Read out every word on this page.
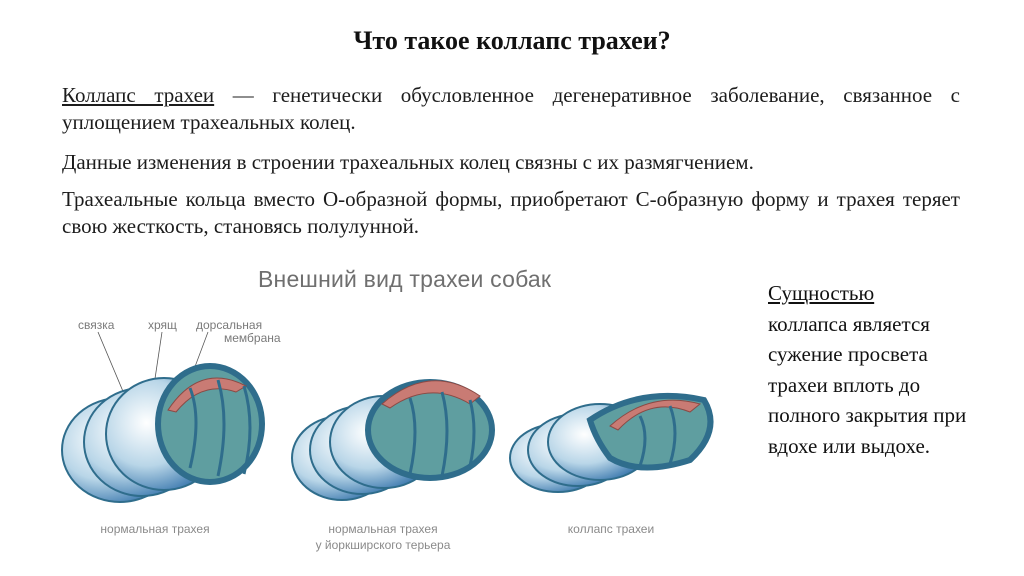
Что такое коллапс трахеи?
Коллапс трахеи — генетически обусловленное дегенеративное заболевание, связанное с уплощением трахеальных колец.
Данные изменения в строении трахеальных колец связны с их размягчением.
Трахеальные кольца вместо О-образной формы, приобретают С-образную форму и трахея теряет свою жесткость, становясь полулунной.
Внешний вид трахеи собак
связка	хрящ дорсальная
мембрана
нормальная трахея	нормальная трахея
у йоркширского терьера
коллапс трахеи
Сущностью
коллапса является сужение просвета трахеи вплоть до полного закрытия при вдохе или выдохе.
